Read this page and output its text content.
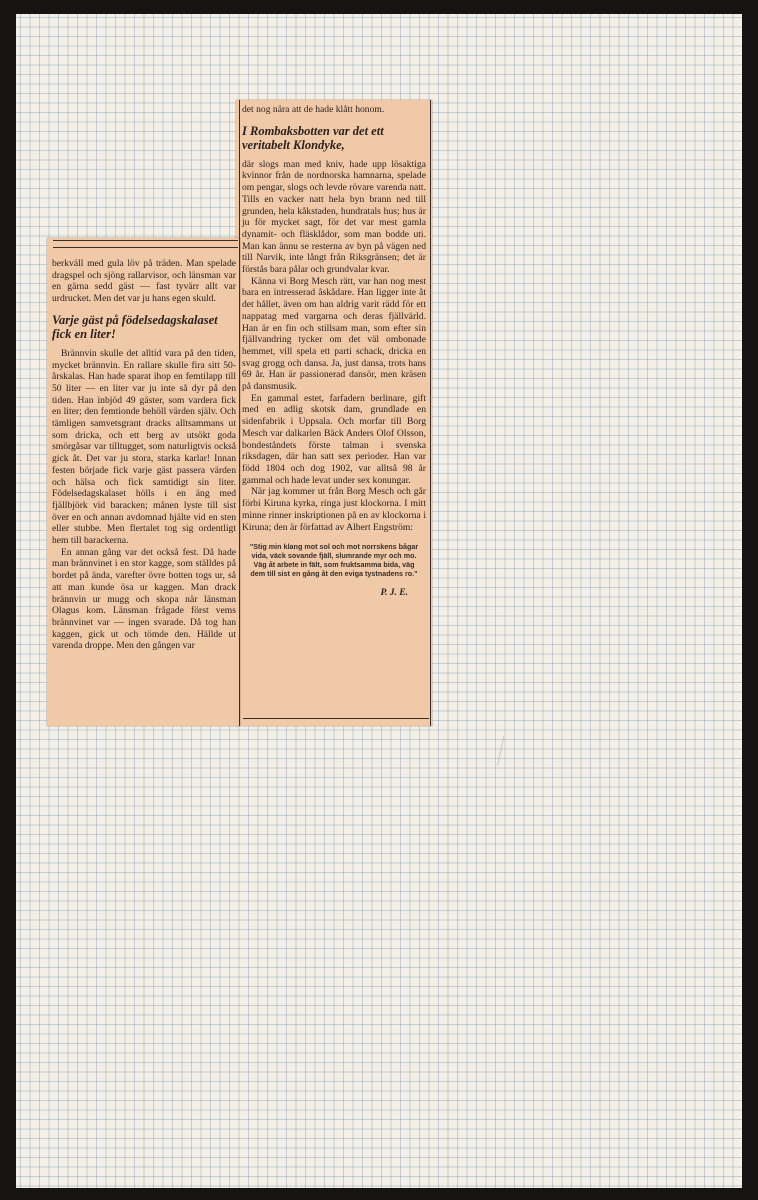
berkväll med gula löv på träden. Man spelade dragspel och sjöng rallarvisor, och länsman var en gärna sedd gäst — fast tyvärr allt var urdrucket. Men det var ju hans egen skuld.

Varje gäst på födelsedagskalaset fick en liter!

Brännvin skulle det alltid vara på den tiden, mycket brännvin. En rallare skulle fira sitt 50-årskalas. Han hade sparat ihop en femtilapp till 50 liter — en liter var ju inte så dyr på den tiden. Han inbjöd 49 gäster, som vardera fick en liter; den femtionde behöll värden själv. Och tämligen samvetsgrant dracks alltsammans ut som dricka, och ett berg av utsökt goda smörgåsar var tilltugget, som naturligtvis också gick åt. Det var ju stora, starka karlar! Innan festen började fick varje gäst passera värden och hälsa och fick samtidigt sin liter. Födelsedagskalaset hölls i en äng med fjällbjörk vid baracken; månen lyste till sist över en och annan avdomnad hjälte vid en sten eller stubbe. Men flertalet tog sig ordentligt hem till barackerna.

En annan gång var det också fest. Då hade man brännvinet i en stor kagge, som ställdes på bordet på ända, varefter övre botten togs ur, så att man kunde ösa ur kaggen. Man drack brännvin ur mugg och skopa när länsman Olagus kom. Länsman frågade först vems brännvinet var — ingen svarade. Då tog han kaggen, gick ut och tömde den. Hällde ut varenda droppe. Men den gången var

det nog nära att de hade klått honom.

I Rombaksbotten var det ett veritabelt Klondyke,

där slogs man med kniv, hade upp lösaktiga kvinnor från de nordnorska hamnarna, spelade om pengar, slogs och levde rövare varenda natt. Tills en vacker natt hela byn brann ned till grunden, hela kåkstaden, hundratals hus; hus är ju för mycket sagt, för det var mest gamla dynamit- och fläsklådor, som man bodde uti. Man kan ännu se resterna av byn på vägen ned till Narvik, inte långt från Riksgränsen; det är förstås bara pålar och grundvalar kvar.

Känna vi Borg Mesch rätt, var han nog mest bara en intresserad åskådare. Han ligger inte åt det hållet, även om han aldrig varit rädd för ett nappatag med vargarna och deras fjällvärld. Han är en fin och stillsam man, som efter sin fjällvandring tycker om det väl ombonade hemmet, vill spela ett parti schack, dricka en svag grogg och dansa. Ja, just dansa, trots hans 69 år. Han är passionerad dansör, men kräsen på dansmusik.

En gammal estet, farfadern berlinare, gift med en adlig skotsk dam, grundlade en sidenfabrik i Uppsala. Och morfar till Borg Mesch var dalkarlen Bäck Anders Olof Olsson, bondeståndets förste talman i svenska riksdagen, där han satt sex perioder. Han var född 1804 och dog 1902, var alltså 98 år gammal och hade levat under sex konungar.

När jag kommer ut från Borg Mesch och går förbi Kiruna kyrka, ringa just klockorna. I mitt minne rinner inskriptionen på en av klockorna i Kiruna; den är författad av Albert Engström:

"Stig min klang mot sol och mot norrskens bågar vida, väck sovande fjäll, slumrande myr och mo. Väg åt arbete in fält, som fruktsamma bida, väg dem till sist en gång åt den eviga tystnadens ro."
P. J. E.
